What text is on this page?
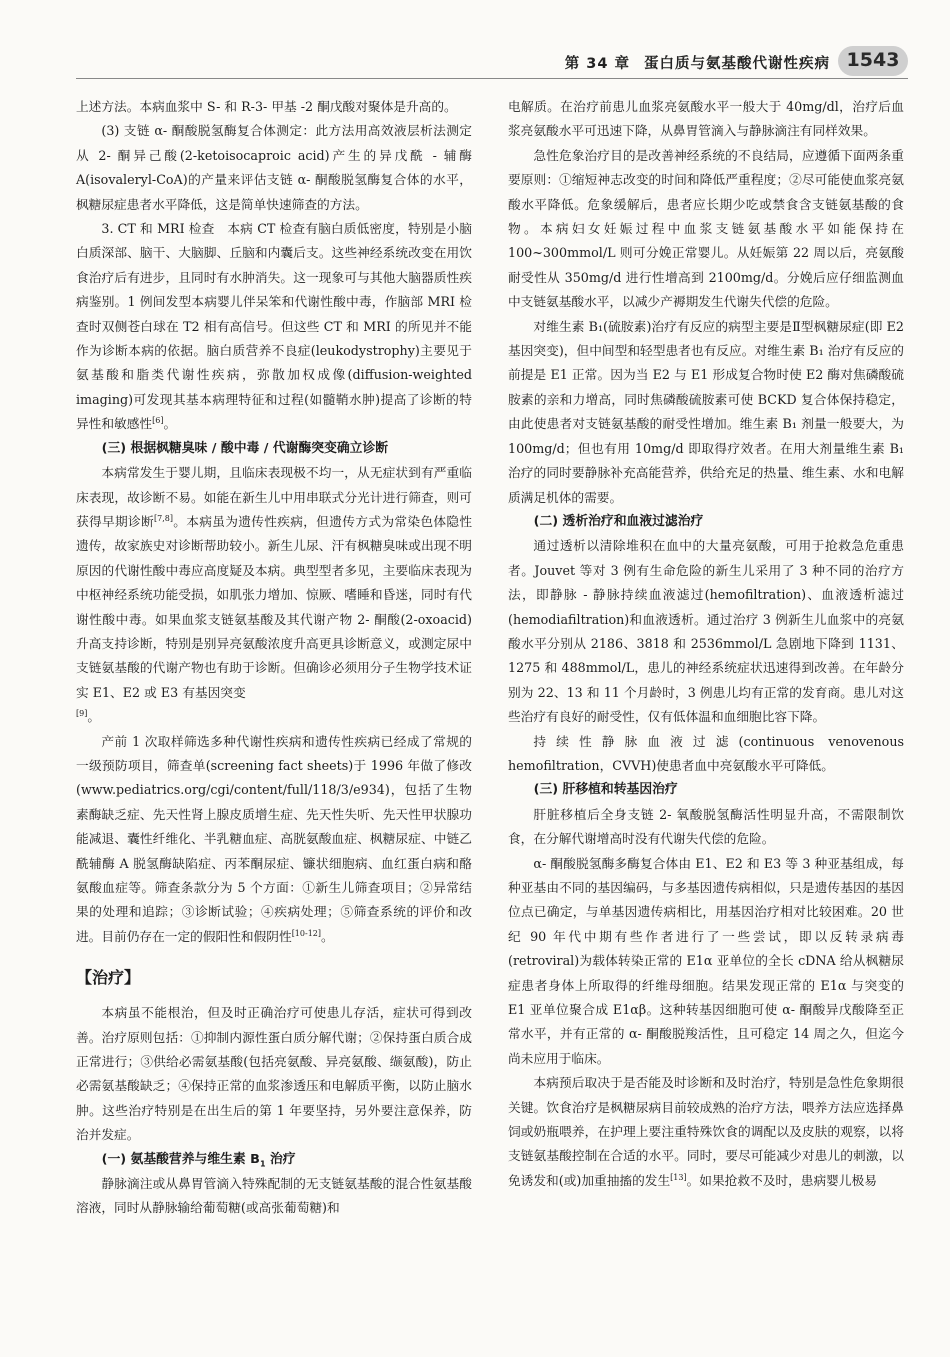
第 34 章 蛋白质与氨基酸代谢性疾病 1543

上述方法。本病血浆中 S- 和 R-3- 甲基 -2 酮戊酸对聚体是升高的。

(3) 支链 α- 酮酸脱氢酶复合体测定：此方法用高效液层析法测定从 2- 酮异己酸(2-ketoisocaproic acid)产生的异戊酰 - 辅酶 A(isovaleryl-CoA)的产量来评估支链 α- 酮酸脱氢酶复合体的水平，枫糖尿症患者水平降低，这是简单快速筛查的方法。

3. CT 和 MRI 检查　本病 CT 检查有脑白质低密度，特别是小脑白质深部、脑干、大脑脚、丘脑和内囊后支。这些神经系统改变在用饮食治疗后有进步，且同时有水肿消失。这一现象可与其他大脑器质性疾病鉴别。1 例间发型本病婴儿伴呆笨和代谢性酸中毒，作脑部 MRI 检查时双侧苍白球在 T2 相有高信号。但这些 CT 和 MRI 的所见并不能作为诊断本病的依据。脑白质营养不良症(leukodystrophy)主要见于氨基酸和脂类代谢性疾病，弥散加权成像(diffusion-weighted imaging)可发现其基本病理特征和过程(如髓鞘水肿)提高了诊断的特异性和敏感性[6]。

(三) 根据枫糖臭味 / 酸中毒 / 代谢酶突变确立诊断

本病常发生于婴儿期，且临床表现极不均一，从无症状到有严重临床表现，故诊断不易。如能在新生儿中用串联式分光计进行筛查，则可获得早期诊断[7,8]。本病虽为遗传性疾病，但遗传方式为常染色体隐性遗传，故家族史对诊断帮助较小。新生儿尿、汗有枫糖臭味或出现不明原因的代谢性酸中毒应高度疑及本病。典型型者多见，主要临床表现为中枢神经系统功能受损，如肌张力增加、惊厥、嗜睡和昏迷，同时有代谢性酸中毒。如果血浆支链氨基酸及其代谢产物 2- 酮酸(2-oxoacid)升高支持诊断，特别是别异亮氨酸浓度升高更具诊断意义，或测定尿中支链氨基酸的代谢产物也有助于诊断。但确诊必须用分子生物学技术证实 E1、E2 或 E3 有基因突变

[9]。

产前 1 次取样筛选多种代谢性疾病和遗传性疾病已经成了常规的一级预防项目，筛查单(screening fact sheets)于 1996 年做了修改(www.pediatrics.org/cgi/content/full/118/3/e934)，包括了生物素酶缺乏症、先天性肾上腺皮质增生症、先天性失听、先天性甲状腺功能减退、囊性纤维化、半乳糖血症、高胱氨酸血症、枫糖尿症、中链乙酰辅酶 A 脱氢酶缺陷症、丙苯酮尿症、镰状细胞病、血红蛋白病和酪氨酸血症等。筛查条款分为 5 个方面：①新生儿筛查项目；②异常结果的处理和追踪；③诊断试验；④疾病处理；⑤筛查系统的评价和改进。目前仍存在一定的假阳性和假阴性[10-12]。

【治疗】

本病虽不能根治，但及时正确治疗可使患儿存活，症状可得到改善。治疗原则包括：①抑制内源性蛋白质分解代谢；②保持蛋白质合成正常进行；③供给必需氨基酸(包括亮氨酸、异亮氨酸、缬氨酸)，防止必需氨基酸缺乏；④保持正常的血浆渗透压和电解质平衡，以防止脑水肿。这些治疗特别是在出生后的第 1 年要坚持，另外要注意保养，防治并发症。

(一) 氨基酸营养与维生素 $B_1$ 治疗

静脉滴注或从鼻胃管滴入特殊配制的无支链氨基酸的混合性氨基酸溶液，同时从静脉输给葡萄糖(或高张葡萄糖)和

电解质。在治疗前患儿血浆亮氨酸水平一般大于 40mg/dl，治疗后血浆亮氨酸水平可迅速下降，从鼻胃管滴入与静脉滴注有同样效果。

急性危象治疗目的是改善神经系统的不良结局，应遵循下面两条重要原则：①缩短神志改变的时间和降低严重程度；②尽可能使血浆亮氨酸水平降低。危象缓解后，患者应长期少吃或禁食含支链氨基酸的食物。本病妇女妊娠过程中血浆支链氨基酸水平如能保持在 100~300mmol/L 则可分娩正常婴儿。从妊娠第 22 周以后，亮氨酸耐受性从 350mg/d 进行性增高到 2100mg/d。分娩后应仔细监测血中支链氨基酸水平，以减少产褥期发生代谢失代偿的危险。

对维生素 B₁(硫胺素)治疗有反应的病型主要是Ⅱ型枫糖尿症(即 E2 基因突变)，但中间型和轻型患者也有反应。对维生素 B₁ 治疗有反应的前提是 E1 正常。因为当 E2 与 E1 形成复合物时使 E2 酶对焦磷酸硫胺素的亲和力增高，同时焦磷酸硫胺素可使 BCKD 复合体保持稳定，由此使患者对支链氨基酸的耐受性增加。维生素 B₁ 剂量一般要大，为 100mg/d；但也有用 10mg/d 即取得疗效者。在用大剂量维生素 B₁ 治疗的同时要静脉补充高能营养，供给充足的热量、维生素、水和电解质满足机体的需要。

(二) 透析治疗和血液过滤治疗

通过透析以清除堆积在血中的大量亮氨酸，可用于抢救急危重患者。Jouvet 等对 3 例有生命危险的新生儿采用了 3 种不同的治疗方法，即静脉 - 静脉持续血液滤过(hemofiltration)、血液透析滤过(hemodiafiltration)和血液透析。通过治疗 3 例新生儿血浆中的亮氨酸水平分别从 2186、3818 和 2536mmol/L 急剧地下降到 1131、1275 和 488mmol/L，患儿的神经系统症状迅速得到改善。在年龄分别为 22、13 和 11 个月龄时，3 例患儿均有正常的发育商。患儿对这些治疗有良好的耐受性，仅有低体温和血细胞比容下降。

持续性静脉血液过滤(continuous venovenous hemofiltration，CVVH)使患者血中亮氨酸水平可降低。

(三) 肝移植和转基因治疗

肝脏移植后全身支链 2- 氧酸脱氢酶活性明显升高，不需限制饮食，在分解代谢增高时没有代谢失代偿的危险。

α- 酮酸脱氢酶多酶复合体由 E1、E2 和 E3 等 3 种亚基组成，每种亚基由不同的基因编码，与多基因遗传病相似，只是遗传基因的基因位点已确定，与单基因遗传病相比，用基因治疗相对比较困难。20 世纪 90 年代中期有些作者进行了一些尝试，即以反转录病毒(retroviral)为载体转染正常的 E1α 亚单位的全长 cDNA 给从枫糖尿症患者身体上所取得的纤维母细胞。结果发现正常的 E1α 与突变的 E1 亚单位聚合成 E1αβ。这种转基因细胞可使 α- 酮酸异戊酸降至正常水平，并有正常的 α- 酮酸脱羧活性，且可稳定 14 周之久，但迄今尚未应用于临床。

本病预后取决于是否能及时诊断和及时治疗，特别是急性危象期很关键。饮食治疗是枫糖尿病目前较成熟的治疗方法，喂养方法应选择鼻饲或奶瓶喂养，在护理上要注重特殊饮食的调配以及皮肤的观察，以将支链氨基酸控制在合适的水平。同时，要尽可能减少对患儿的刺激，以免诱发和(或)加重抽搐的发生[13]。如果抢救不及时，患病婴儿极易
